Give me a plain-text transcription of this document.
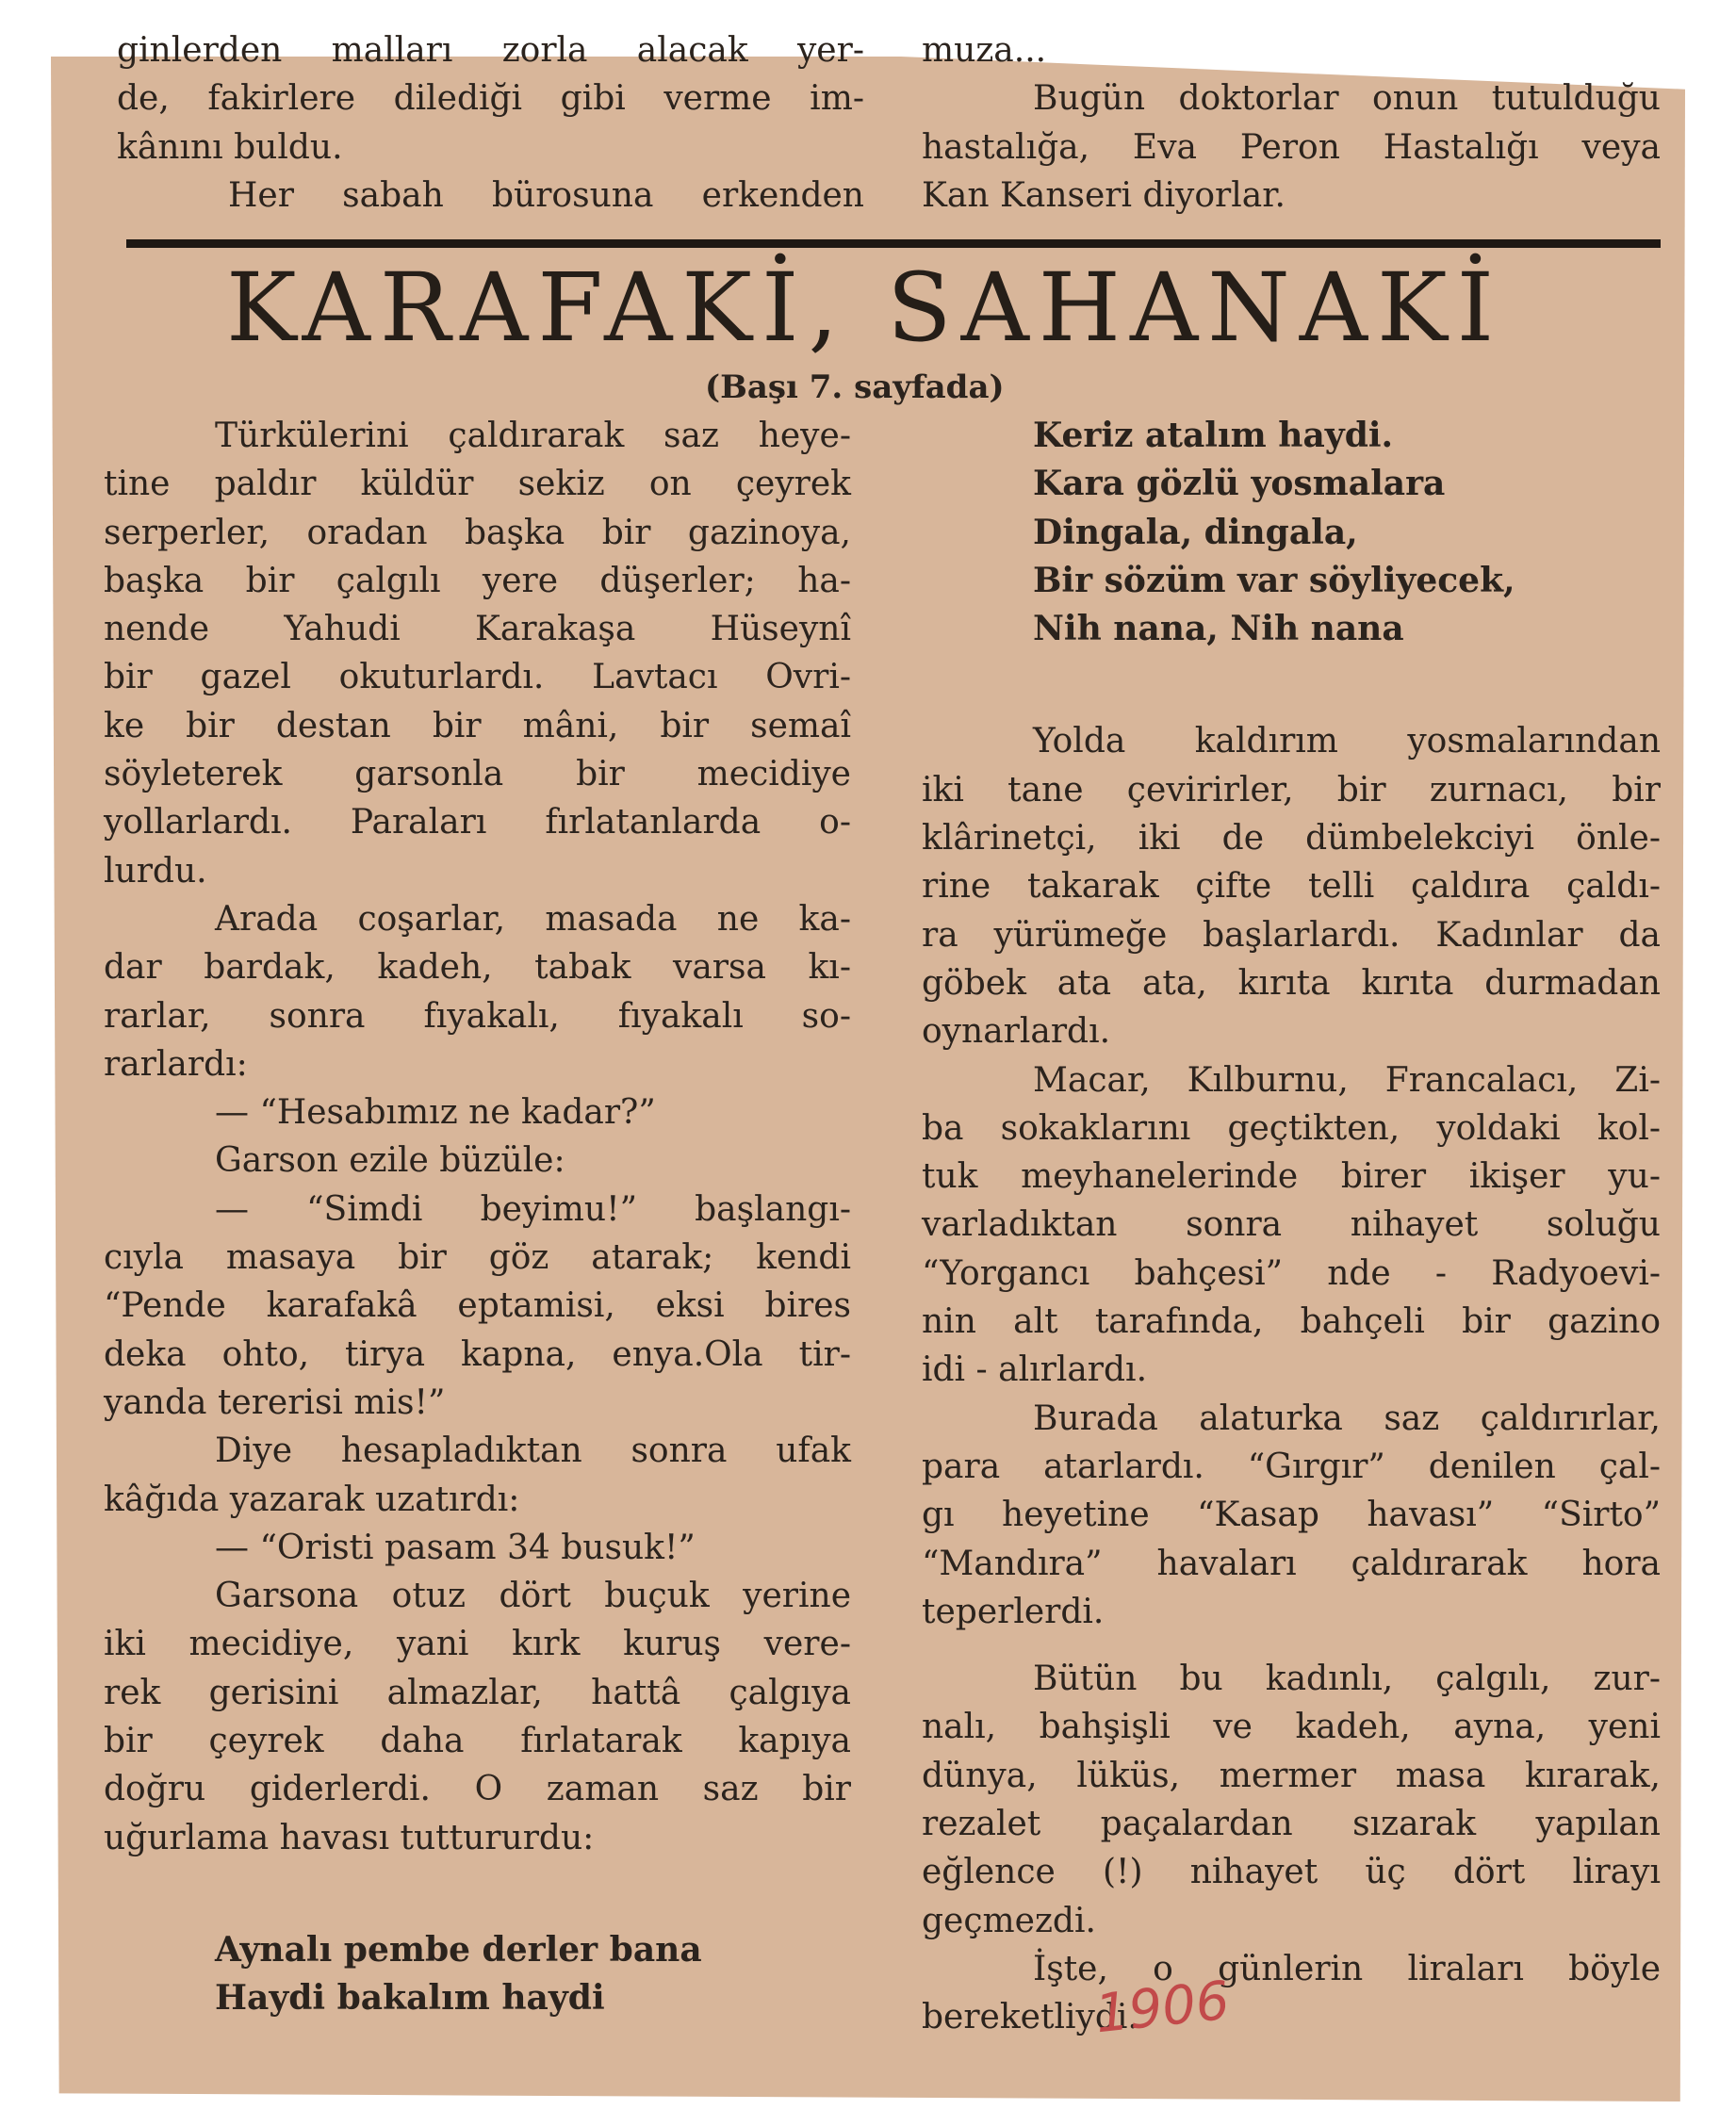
ginlerden malları zorla alacak yer-

de, fakirlere dilediği gibi verme im-

kânını buldu.

Her sabah bürosuna erkenden

muza...

Bugün doktorlar onun tutulduğu

hastalığa, Eva Peron Hastalığı veya

Kan Kanseri diyorlar.

KARAFAKİ, SAHANAKİ
(Başı 7. sayfada)

Türkülerini çaldırarak saz heye-

tine paldır küldür sekiz on çeyrek

serperler, oradan başka bir gazinoya,

başka bir çalgılı yere düşerler; ha-

nende Yahudi Karakaşa Hüseynî

bir gazel okuturlardı. Lavtacı Ovri-

ke bir destan bir mâni, bir semaî

söyleterek garsonla bir mecidiye

yollarlardı. Paraları fırlatanlarda o-

lurdu.

Arada coşarlar, masada ne ka-

dar bardak, kadeh, tabak varsa kı-

rarlar, sonra fıyakalı, fıyakalı so-

rarlardı:

— “Hesabımız ne kadar?”

Garson ezile büzüle:

— “Simdi beyimu!” başlangı-

cıyla masaya bir göz atarak; kendi

“Pende karafakâ eptamisi, eksi bires

deka ohto, tirya kapna, enya.Ola tir-

yanda tererisi mis!”

Diye hesapladıktan sonra ufak

kâğıda yazarak uzatırdı:

— “Oristi pasam 34 busuk!”

Garsona otuz dört buçuk yerine

iki mecidiye, yani kırk kuruş vere-

rek gerisini almazlar, hattâ çalgıya

bir çeyrek daha fırlatarak kapıya

doğru giderlerdi. O zaman saz bir

uğurlama havası tuttururdu:

Aynalı pembe derler bana

Haydi bakalım haydi

Keriz atalım haydi.

Kara gözlü yosmalara

Dingala, dingala,

Bir sözüm var söyliyecek,

Nih nana, Nih nana

Yolda kaldırım yosmalarından

iki tane çevirirler, bir zurnacı, bir

klârinetçi, iki de dümbelekciyi önle-

rine takarak çifte telli çaldıra çaldı-

ra yürümeğe başlarlardı. Kadınlar da

göbek ata ata, kırıta kırıta durmadan

oynarlardı.

Macar, Kılburnu, Francalacı, Zi-

ba sokaklarını geçtikten, yoldaki kol-

tuk meyhanelerinde birer ikişer yu-

varladıktan sonra nihayet soluğu

“Yorgancı bahçesi” nde - Radyoevi-

nin alt tarafında, bahçeli bir gazino

idi - alırlardı.

Burada alaturka saz çaldırırlar,

para atarlardı. “Gırgır” denilen çal-

gı heyetine “Kasap havası” “Sirto”

“Mandıra” havaları çaldırarak hora

teperlerdi.

Bütün bu kadınlı, çalgılı, zur-

nalı, bahşişli ve kadeh, ayna, yeni

dünya, lüküs, mermer masa kırarak,

rezalet paçalardan sızarak yapılan

eğlence (!) nihayet üç dört lirayı

geçmezdi.

İşte, o günlerin liraları böyle

bereketliydi.

1906
